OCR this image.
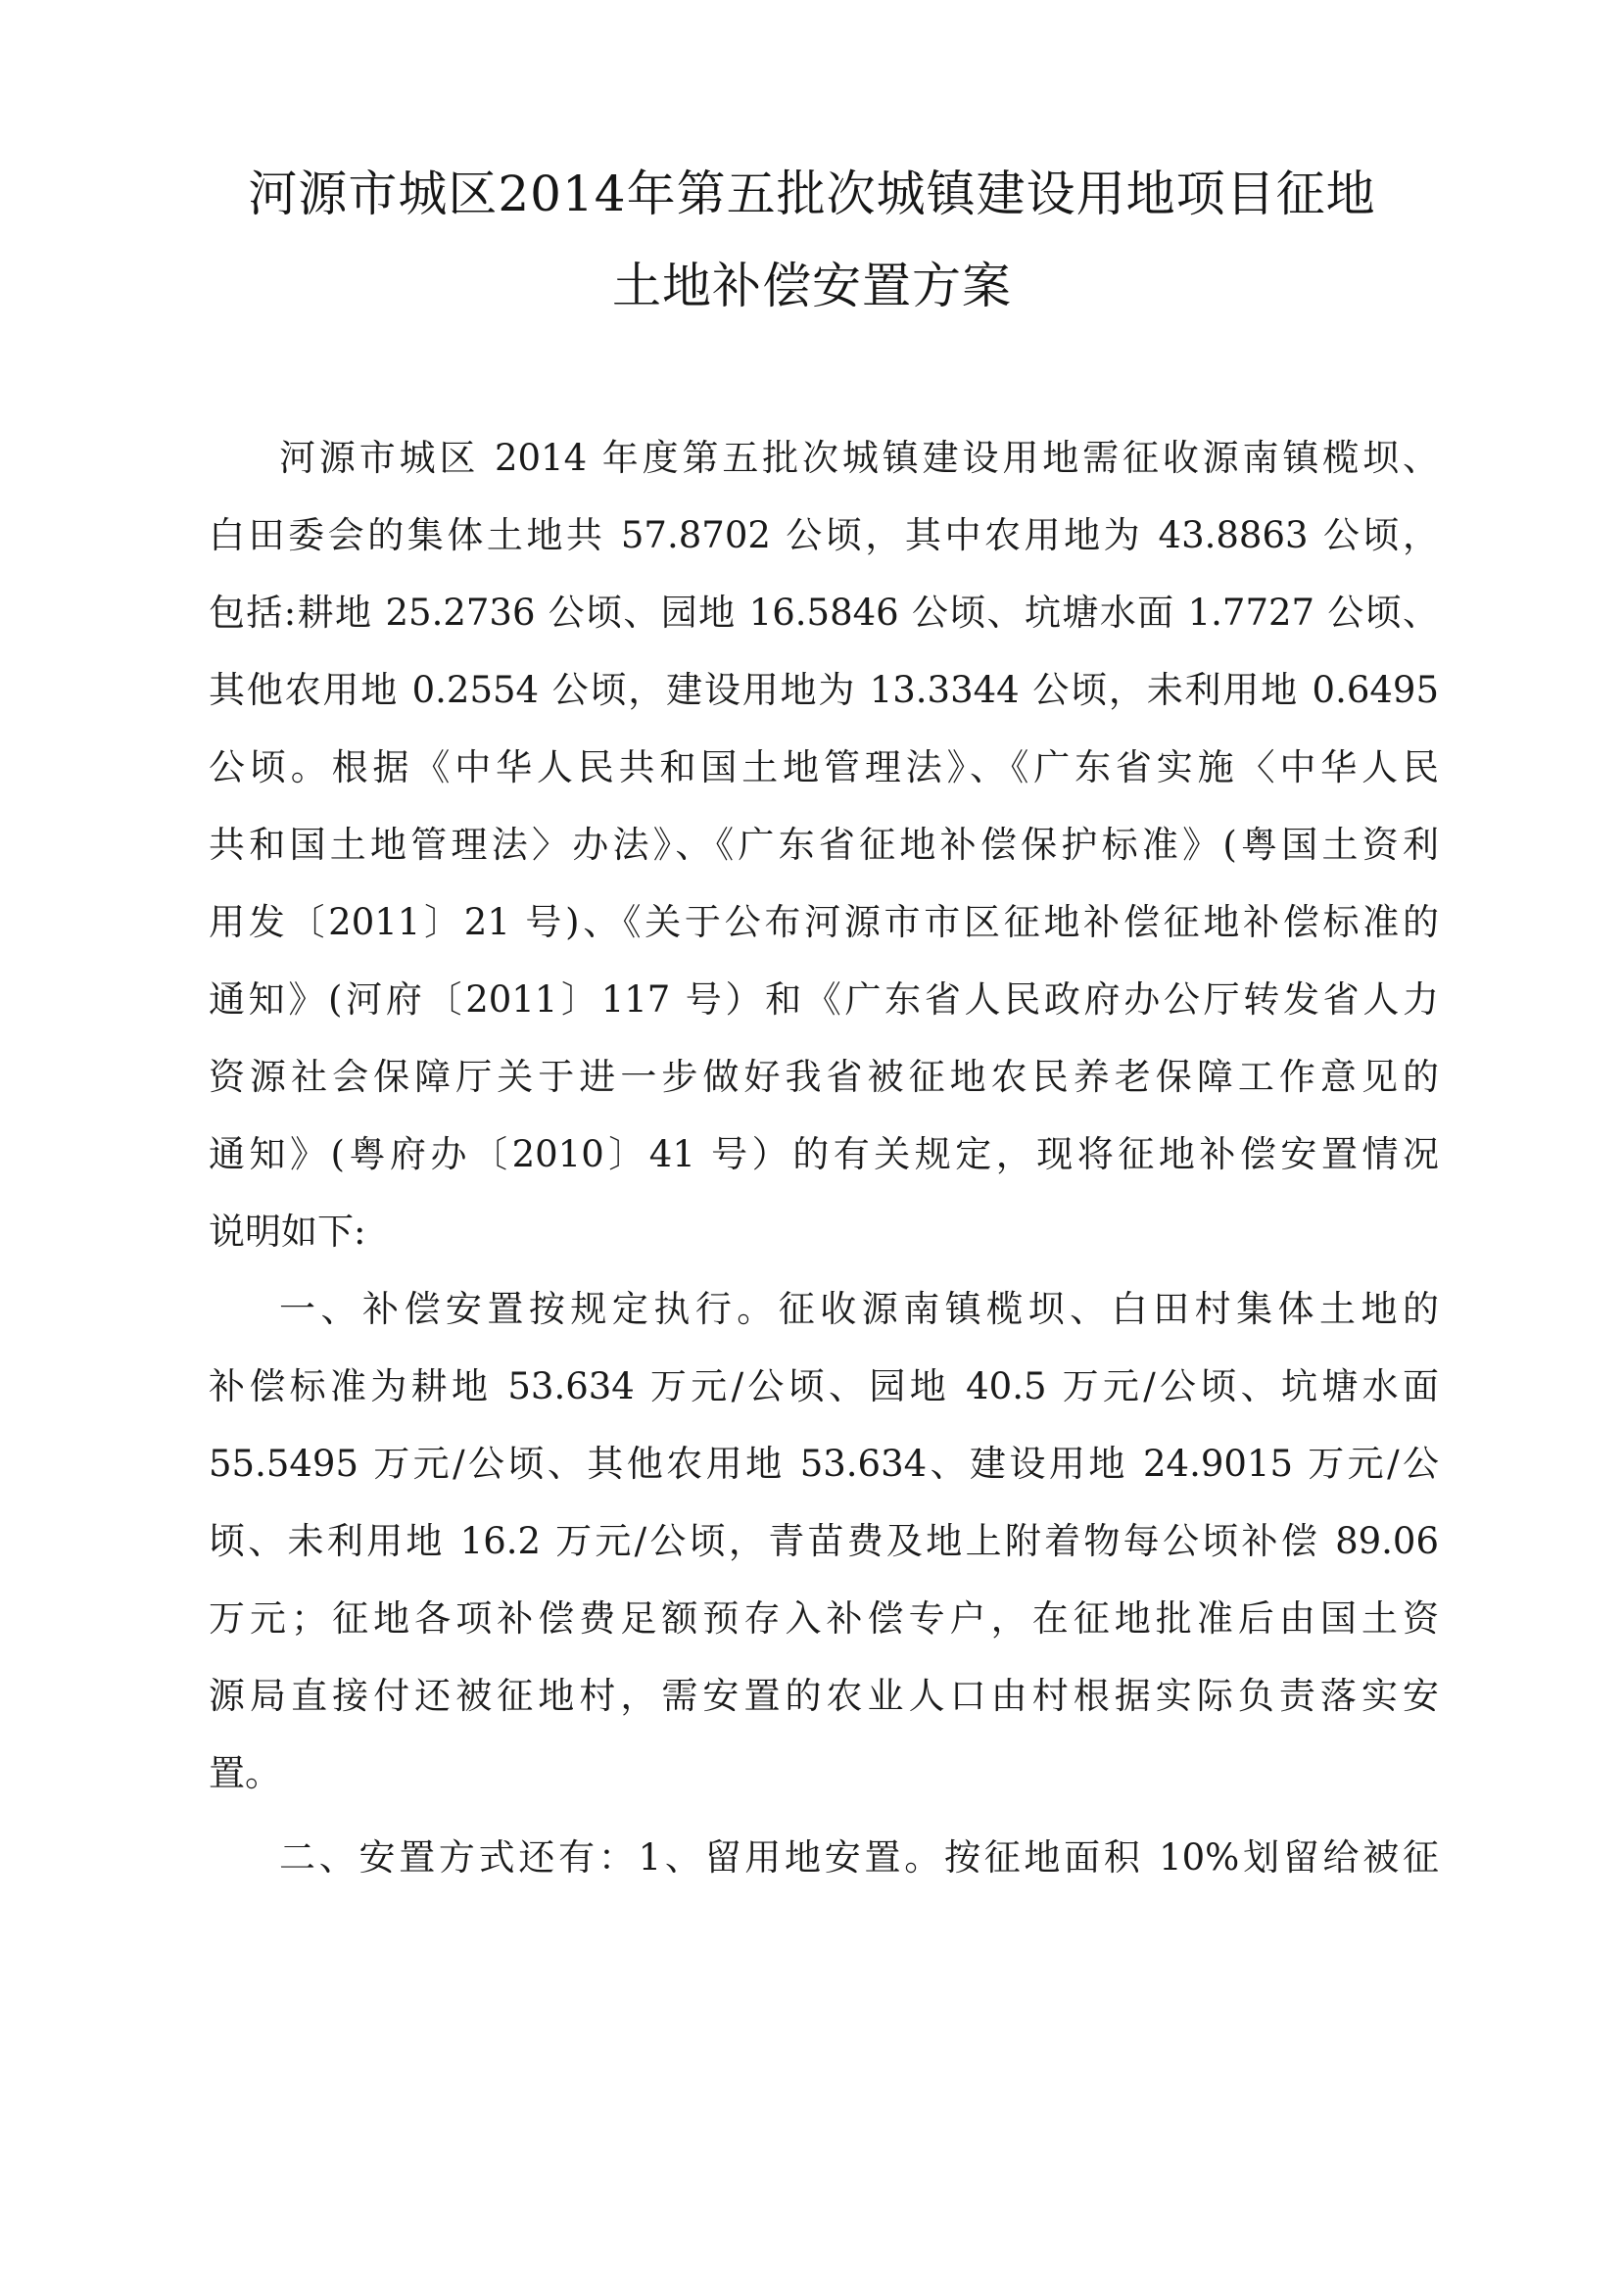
河源市城区2014年第五批次城镇建设用地项目征地
土地补偿安置方案
河源市城区 2014 年度第五批次城镇建设用地需征收源南镇榄坝、
白田委会的集体土地共 57.8702 公顷，其中农用地为 43.8863 公顷，
包括:耕地 25.2736 公顷、园地 16.5846 公顷、坑塘水面 1.7727 公顷、
其他农用地 0.2554 公顷，建设用地为 13.3344 公顷，未利用地 0.6495
公顷。根据《中华人民共和国土地管理法》、《广东省实施〈中华人民
共和国土地管理法〉办法》、《广东省征地补偿保护标准》(粤国土资利
用发〔2011〕21 号)、《关于公布河源市市区征地补偿征地补偿标准的
通知》(河府〔2011〕117 号）和《广东省人民政府办公厅转发省人力
资源社会保障厅关于进一步做好我省被征地农民养老保障工作意见的
通知》(粤府办〔2010〕41 号）的有关规定，现将征地补偿安置情况
说明如下:
一、补偿安置按规定执行。征收源南镇榄坝、白田村集体土地的
补偿标准为耕地 53.634 万元/公顷、园地 40.5 万元/公顷、坑塘水面
55.5495 万元/公顷、其他农用地 53.634、建设用地 24.9015 万元/公
顷、未利用地 16.2 万元/公顷，青苗费及地上附着物每公顷补偿 89.06
万元；征地各项补偿费足额预存入补偿专户，在征地批准后由国土资
源局直接付还被征地村，需安置的农业人口由村根据实际负责落实安
置。
二、安置方式还有：1、留用地安置。按征地面积 10%划留给被征
